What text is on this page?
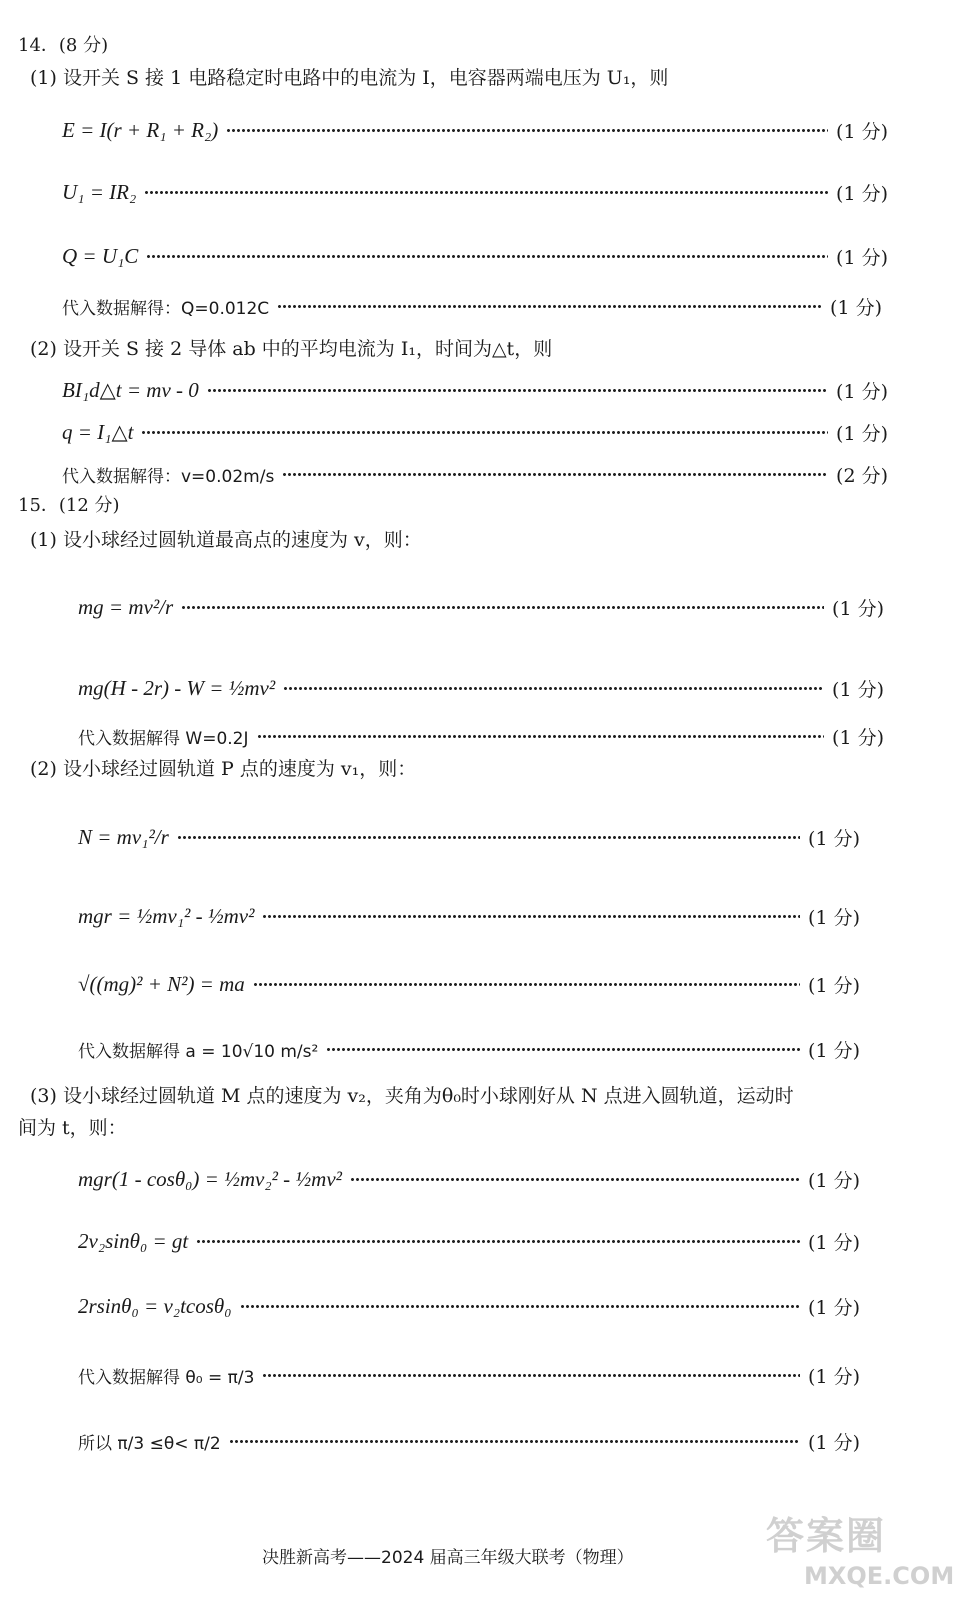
14．(8 分)
(1) 设开关 S 接 1 电路稳定时电路中的电流为 I，电容器两端电压为 U₁，则
E = I(r + R₁ + R₂)	(1 分)
U₁ = IR₂	(1 分)
Q = U₁C	(1 分)
代入数据解得：Q=0.012C	(1 分)
(2) 设开关 S 接 2 导体 ab 中的平均电流为 I₁，时间为△t，则
BI₁d△t = mv - 0	(1 分)
q = I₁△t	(1 分)
代入数据解得：v=0.02m/s	(2 分)
15．(12 分)
(1) 设小球经过圆轨道最高点的速度为 v，则：
mg = mv²/r	(1 分)
mg(H - 2r) - W = ½mv²	(1 分)
代入数据解得 W=0.2J	(1 分)
(2) 设小球经过圆轨道 P 点的速度为 v₁，则：
N = mv₁²/r	(1 分)
mgr = ½mv₁² - ½mv²	(1 分)
√((mg)² + N²) = ma	(1 分)
代入数据解得 a = 10√10 m/s²	(1 分)
(3) 设小球经过圆轨道 M 点的速度为 v₂，夹角为θ₀时小球刚好从 N 点进入圆轨道，运动时
间为 t，则：
mgr(1 - cosθ₀) = ½mv₂² - ½mv²	(1 分)
2v₂sinθ₀ = gt	(1 分)
2rsinθ₀ = v₂tcosθ₀	(1 分)
代入数据解得 θ₀ = π/3	(1 分)
所以 π/3 ≤θ< π/2	(1 分)
决胜新高考——2024 届高三年级大联考（物理）	答案圈
MXQE.COM
